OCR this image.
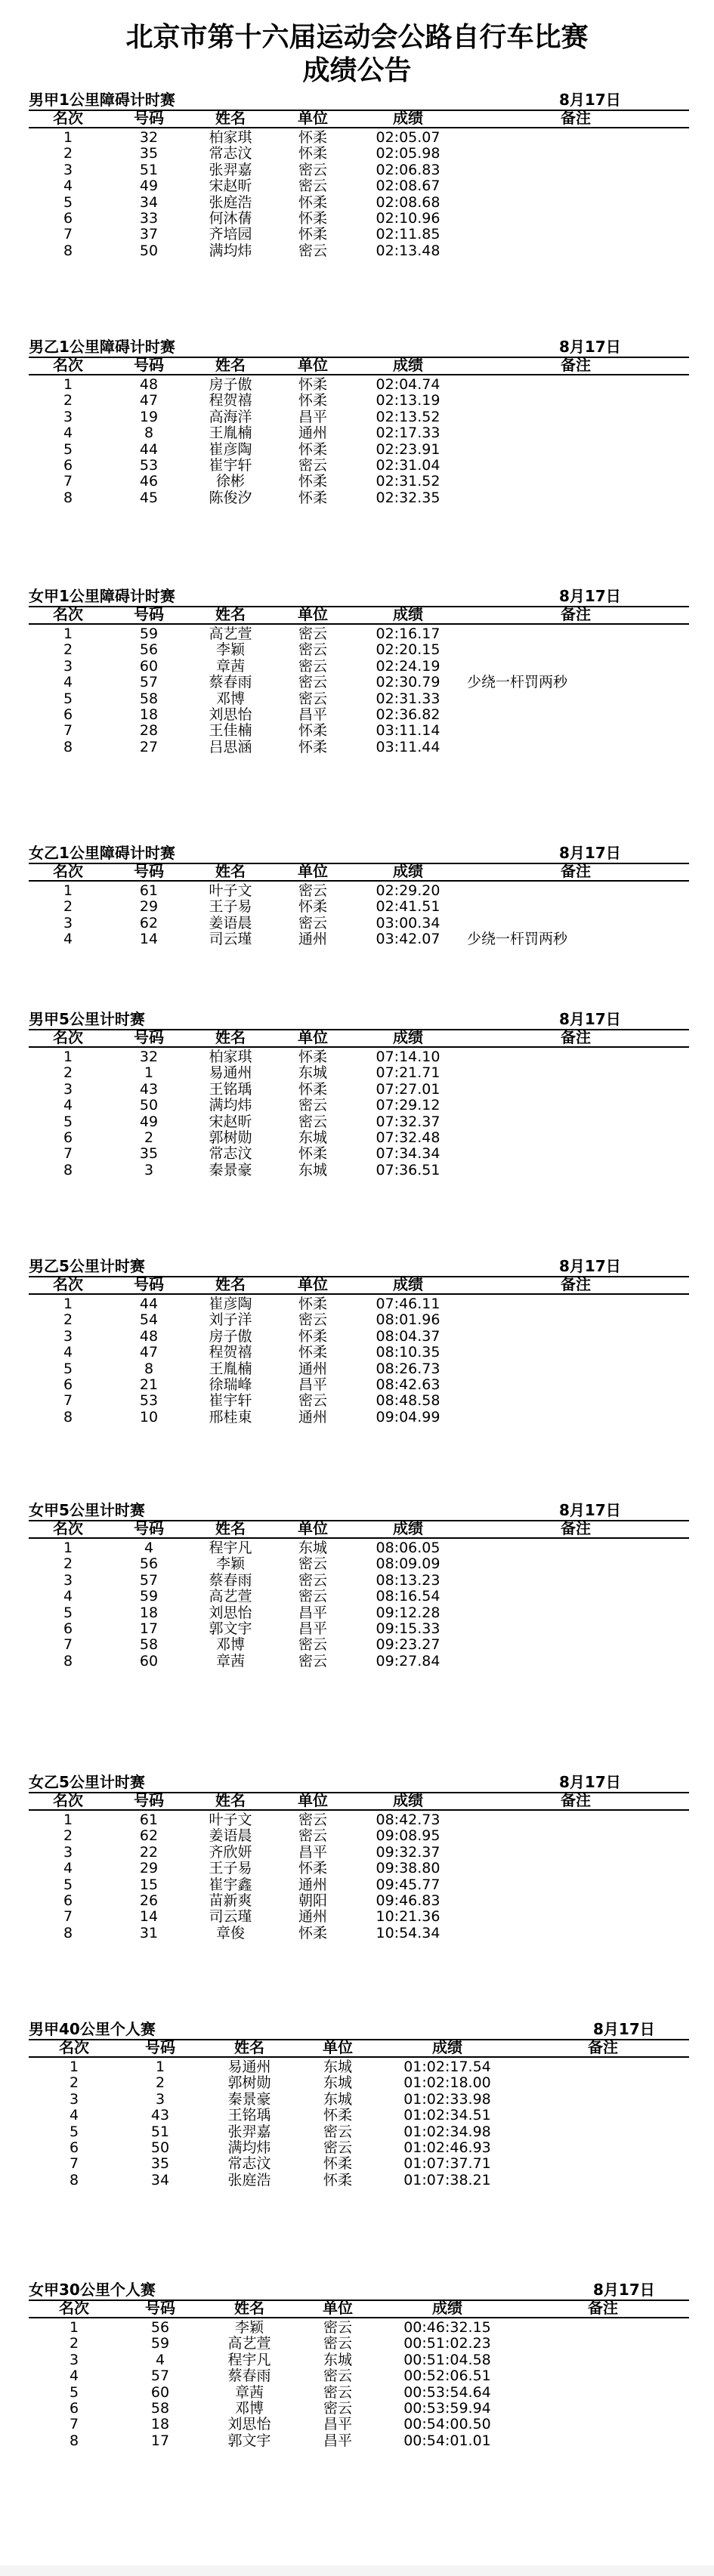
北京市第十六届运动会公路自行车比赛
成绩公告
男甲1公里障碍计时赛	8月17日
名次	号码	姓名	单位	成绩	备注
1	32	柏家琪	怀柔	02:05.07
2	35	常志汶	怀柔	02:05.98
3	51	张羿嘉	密云	02:06.83
4	49	宋赵昕	密云	02:08.67
5	34	张庭浩	怀柔	02:08.68
6	33	何沐蒨	怀柔	02:10.96
7	37	齐培园	怀柔	02:11.85
8	50	满均炜	密云	02:13.48
男乙1公里障碍计时赛	8月17日
名次	号码	姓名	单位	成绩	备注
1	48	房子傲	怀柔	02:04.74
2	47	程贺禧	怀柔	02:13.19
3	19	高海洋	昌平	02:13.52
4	8	王胤楠	通州	02:17.33
5	44	崔彦陶	怀柔	02:23.91
6	53	崔宇轩	密云	02:31.04
7	46	徐彬	怀柔	02:31.52
8	45	陈俊汐	怀柔	02:32.35
女甲1公里障碍计时赛	8月17日
名次	号码	姓名	单位	成绩	备注
1	59	高艺萱	密云	02:16.17
2	56	李颖	密云	02:20.15
3	60	章茜	密云	02:24.19
4	57	蔡春雨	密云	02:30.79 少绕一杆罚两秒
5	58	邓博	密云	02:31.33
6	18	刘思怡	昌平	02:36.82
7	28	王佳楠	怀柔	03:11.14
8	27	吕思涵	怀柔	03:11.44
女乙1公里障碍计时赛	8月17日
名次	号码	姓名	单位	成绩	备注
1	61	叶子文	密云	02:29.20
2	29	王子易	怀柔	02:41.51
3	62	姜语晨	密云	03:00.34
4	14	司云瑾	通州	03:42.07 少绕一杆罚两秒
男甲5公里计时赛	8月17日
名次	号码	姓名	单位	成绩	备注
1	32	柏家琪	怀柔	07:14.10
2	1	易通州	东城	07:21.71
3	43	王铭瑀	怀柔	07:27.01
4	50	满均炜	密云	07:29.12
5	49	宋赵昕	密云	07:32.37
6	2	郭树勋	东城	07:32.48
7	35	常志汶	怀柔	07:34.34
8	3	秦景豪	东城	07:36.51
男乙5公里计时赛	8月17日
名次	号码	姓名	单位	成绩	备注
1	44	崔彦陶	怀柔	07:46.11
2	54	刘子洋	密云	08:01.96
3	48	房子傲	怀柔	08:04.37
4	47	程贺禧	怀柔	08:10.35
5	8	王胤楠	通州	08:26.73
6	21	徐瑞峰	昌平	08:42.63
7	53	崔宇轩	密云	08:48.58
8	10	邢桂東	通州	09:04.99
女甲5公里计时赛	8月17日
名次	号码	姓名	单位	成绩	备注
1	4	程宇凡	东城	08:06.05
2	56	李颖	密云	08:09.09
3	57	蔡春雨	密云	08:13.23
4	59	高艺萱	密云	08:16.54
5	18	刘思怡	昌平	09:12.28
6	17	郭文宇	昌平	09:15.33
7	58	邓博	密云	09:23.27
8	60	章茜	密云	09:27.84
女乙5公里计时赛	8月17日
名次	号码	姓名	单位	成绩	备注
1	61	叶子文	密云	08:42.73
2	62	姜语晨	密云	09:08.95
3	22	齐欣妍	昌平	09:32.37
4	29	王子易	怀柔	09:38.80
5	15	崔宇鑫	通州	09:45.77
6	26	苗新爽	朝阳	09:46.83
7	14	司云瑾	通州	10:21.36
8	31	章俊	怀柔	10:54.34
男甲40公里个人赛	8月17日
名次	号码	姓名	单位	成绩	备注
1	1	易通州	东城	01:02:17.54
2	2	郭树勋	东城	01:02:18.00
3	3	秦景豪	东城	01:02:33.98
4	43	王铭瑀	怀柔	01:02:34.51
5	51	张羿嘉	密云	01:02:34.98
6	50	满均炜	密云	01:02:46.93
7	35	常志汶	怀柔	01:07:37.71
8	34	张庭浩	怀柔	01:07:38.21
女甲30公里个人赛	8月17日
名次	号码	姓名	单位	成绩	备注
1	56	李颖	密云	00:46:32.15
2	59	高艺萱	密云	00:51:02.23
3	4	程宇凡	东城	00:51:04.58
4	57	蔡春雨	密云	00:52:06.51
5	60	章茜	密云	00:53:54.64
6	58	邓博	密云	00:53:59.94
7	18	刘思怡	昌平	00:54:00.50
8	17	郭文宇	昌平	00:54:01.01
